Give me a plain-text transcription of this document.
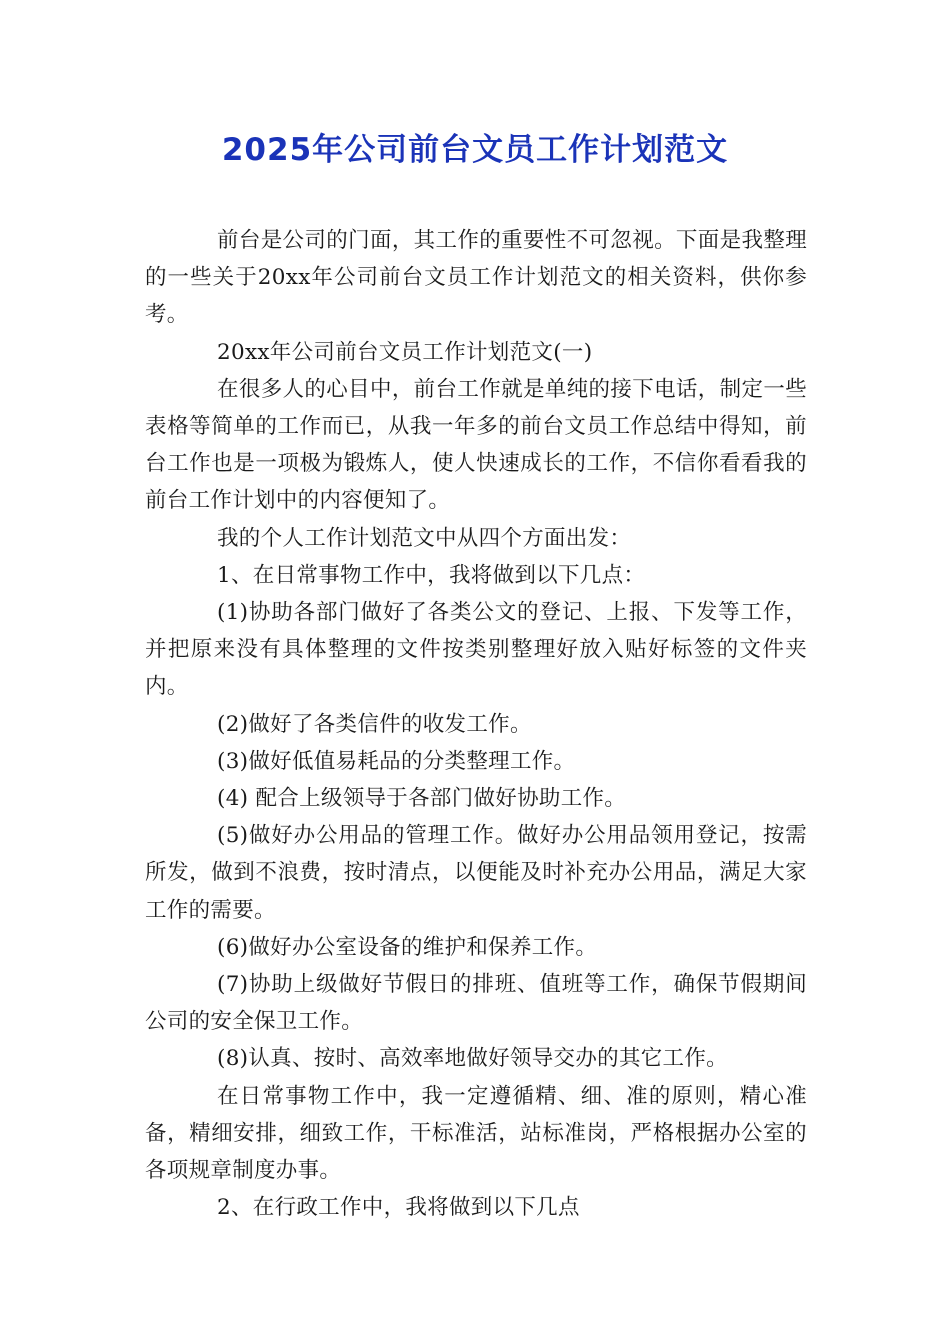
2025年公司前台文员工作计划范文

前台是公司的门面，其工作的重要性不可忽视。下面是我整理的一些关于20xx年公司前台文员工作计划范文的相关资料，供你参考。

20xx年公司前台文员工作计划范文(一)

在很多人的心目中，前台工作就是单纯的接下电话，制定一些表格等简单的工作而已，从我一年多的前台文员工作总结中得知，前台工作也是一项极为锻炼人，使人快速成长的工作，不信你看看我的前台工作计划中的内容便知了。

我的个人工作计划范文中从四个方面出发：

1、在日常事物工作中，我将做到以下几点：

(1)协助各部门做好了各类公文的登记、上报、下发等工作，并把原来没有具体整理的文件按类别整理好放入贴好标签的文件夹内。

(2)做好了各类信件的收发工作。

(3)做好低值易耗品的分类整理工作。

(4) 配合上级领导于各部门做好协助工作。

(5)做好办公用品的管理工作。做好办公用品领用登记，按需所发，做到不浪费，按时清点，以便能及时补充办公用品，满足大家工作的需要。

(6)做好办公室设备的维护和保养工作。

(7)协助上级做好节假日的排班、值班等工作，确保节假期间公司的安全保卫工作。

(8)认真、按时、高效率地做好领导交办的其它工作。

在日常事物工作中，我一定遵循精、细、准的原则，精心准备，精细安排，细致工作，干标准活，站标准岗，严格根据办公室的各项规章制度办事。

2、在行政工作中，我将做到以下几点
